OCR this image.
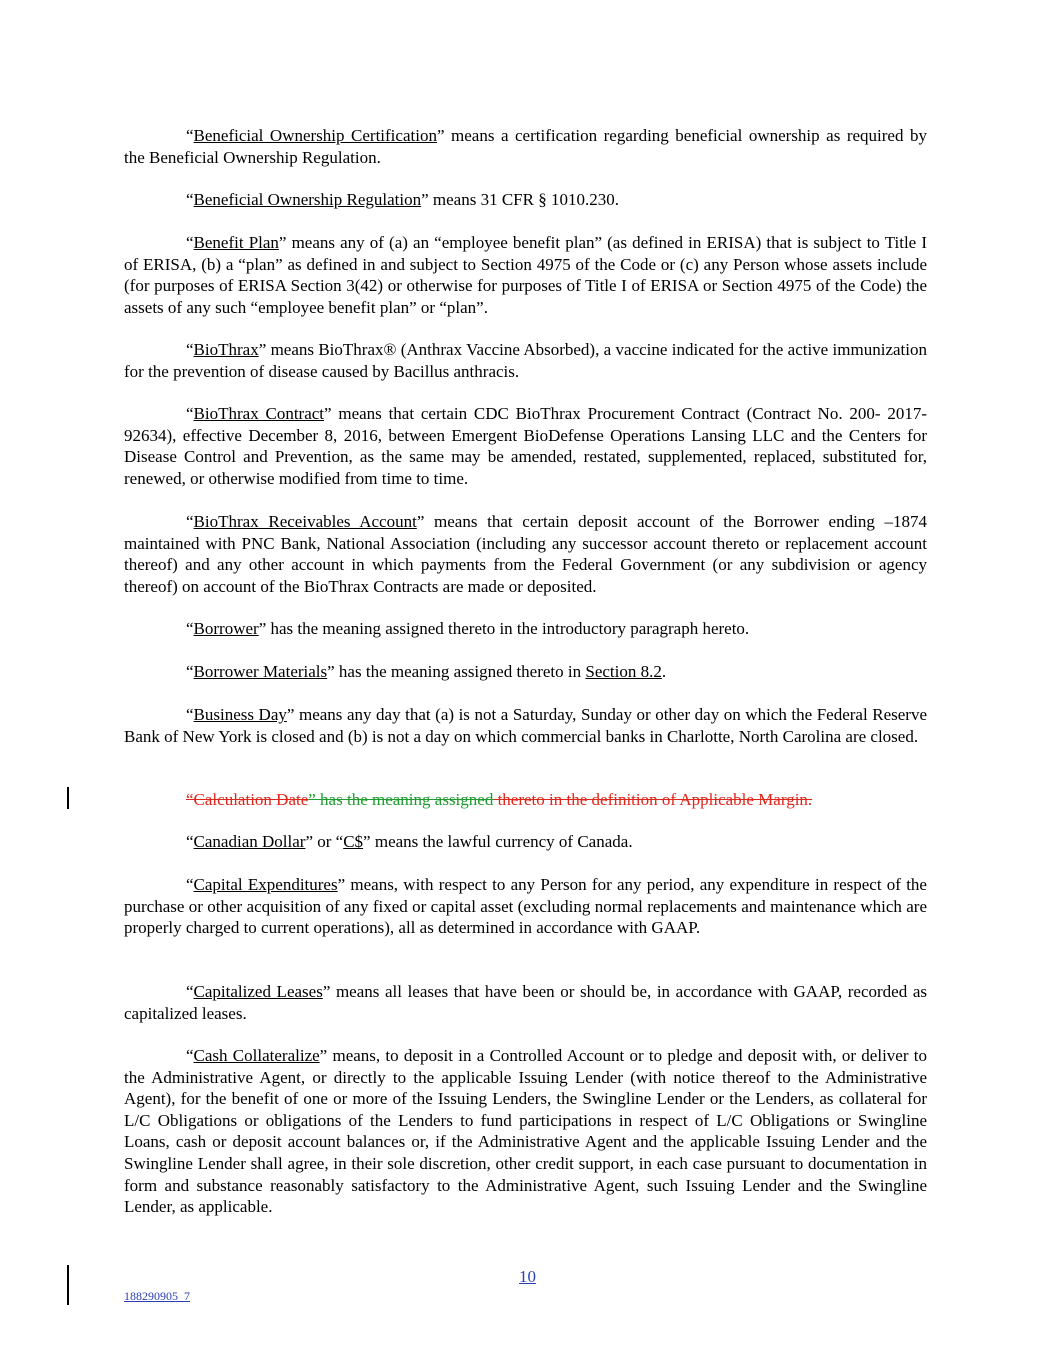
“Beneficial Ownership Certification” means a certification regarding beneficial ownership as required by the Beneficial Ownership Regulation.

“Beneficial Ownership Regulation” means 31 CFR § 1010.230.

“Benefit Plan” means any of (a) an “employee benefit plan” (as defined in ERISA) that is subject to Title I of ERISA, (b) a “plan” as defined in and subject to Section 4975 of the Code or (c) any Person whose assets include (for purposes of ERISA Section 3(42) or otherwise for purposes of Title I of ERISA or Section 4975 of the Code) the assets of any such “employee benefit plan” or “plan”.

“BioThrax” means BioThrax® (Anthrax Vaccine Absorbed), a vaccine indicated for the active immunization for the prevention of disease caused by Bacillus anthracis.

“BioThrax Contract” means that certain CDC BioThrax Procurement Contract (Contract No. 200- 2017- 92634), effective December 8, 2016, between Emergent BioDefense Operations Lansing LLC and the Centers for Disease Control and Prevention, as the same may be amended, restated, supplemented, replaced, substituted for, renewed, or otherwise modified from time to time.

“BioThrax Receivables Account” means that certain deposit account of the Borrower ending –1874 maintained with PNC Bank, National Association (including any successor account thereto or replacement account thereof) and any other account in which payments from the Federal Government (or any subdivision or agency thereof) on account of the BioThrax Contracts are made or deposited.

“Borrower” has the meaning assigned thereto in the introductory paragraph hereto.

“Borrower Materials” has the meaning assigned thereto in Section 8.2.

“Business Day” means any day that (a) is not a Saturday, Sunday or other day on which the Federal Reserve Bank of New York is closed and (b) is not a day on which commercial banks in Charlotte, North Carolina are closed.

“Calculation Date” has the meaning assigned thereto in the definition of Applicable Margin.

“Canadian Dollar” or “C$” means the lawful currency of Canada.

“Capital Expenditures” means, with respect to any Person for any period, any expenditure in respect of the purchase or other acquisition of any fixed or capital asset (excluding normal replacements and maintenance which are properly charged to current operations), all as determined in accordance with GAAP.

“Capitalized Leases” means all leases that have been or should be, in accordance with GAAP, recorded as capitalized leases.

“Cash Collateralize” means, to deposit in a Controlled Account or to pledge and deposit with, or deliver to the Administrative Agent, or directly to the applicable Issuing Lender (with notice thereof to the Administrative Agent), for the benefit of one or more of the Issuing Lenders, the Swingline Lender or the Lenders, as collateral for L/C Obligations or obligations of the Lenders to fund participations in respect of L/C Obligations or Swingline Loans, cash or deposit account balances or, if the Administrative Agent and the applicable Issuing Lender and the Swingline Lender shall agree, in their sole discretion, other credit support, in each case pursuant to documentation in form and substance reasonably satisfactory to the Administrative Agent, such Issuing Lender and the Swingline Lender, as applicable.

10
188290905_7
